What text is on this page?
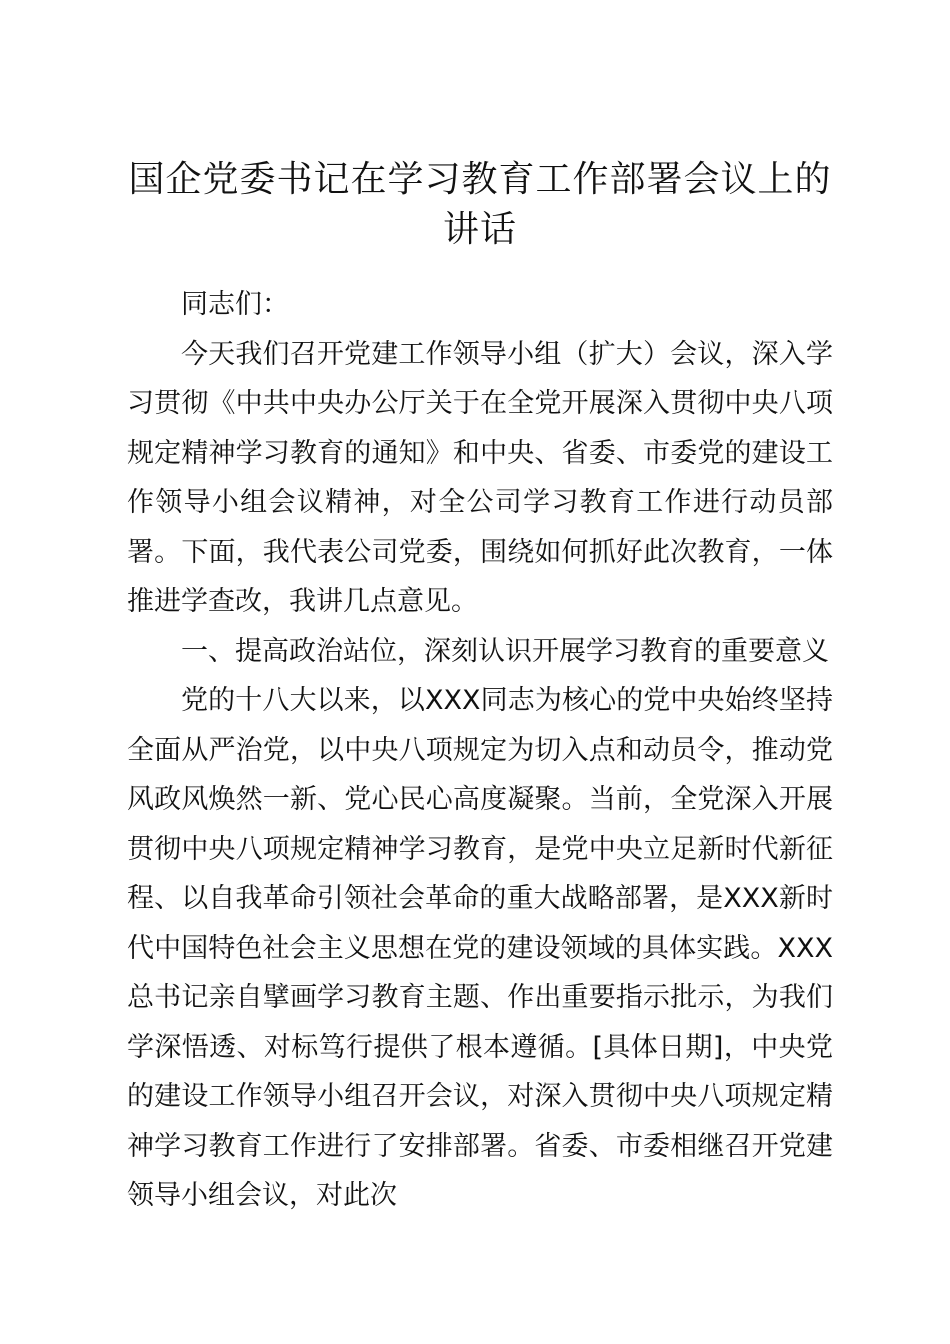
国企党委书记在学习教育工作部署会议上的讲话

同志们：

今天我们召开党建工作领导小组（扩大）会议，深入学习贯彻《中共中央办公厅关于在全党开展深入贯彻中央八项规定精神学习教育的通知》和中央、省委、市委党的建设工作领导小组会议精神，对全公司学习教育工作进行动员部署。下面，我代表公司党委，围绕如何抓好此次教育，一体推进学查改，我讲几点意见。

一、提高政治站位，深刻认识开展学习教育的重要意义

党的十八大以来，以XXX同志为核心的党中央始终坚持全面从严治党，以中央八项规定为切入点和动员令，推动党风政风焕然一新、党心民心高度凝聚。当前，全党深入开展贯彻中央八项规定精神学习教育，是党中央立足新时代新征程、以自我革命引领社会革命的重大战略部署，是XXX新时代中国特色社会主义思想在党的建设领域的具体实践。XXX总书记亲自擘画学习教育主题、作出重要指示批示，为我们学深悟透、对标笃行提供了根本遵循。[具体日期]，中央党的建设工作领导小组召开会议，对深入贯彻中央八项规定精神学习教育工作进行了安排部署。省委、市委相继召开党建领导小组会议，对此次
